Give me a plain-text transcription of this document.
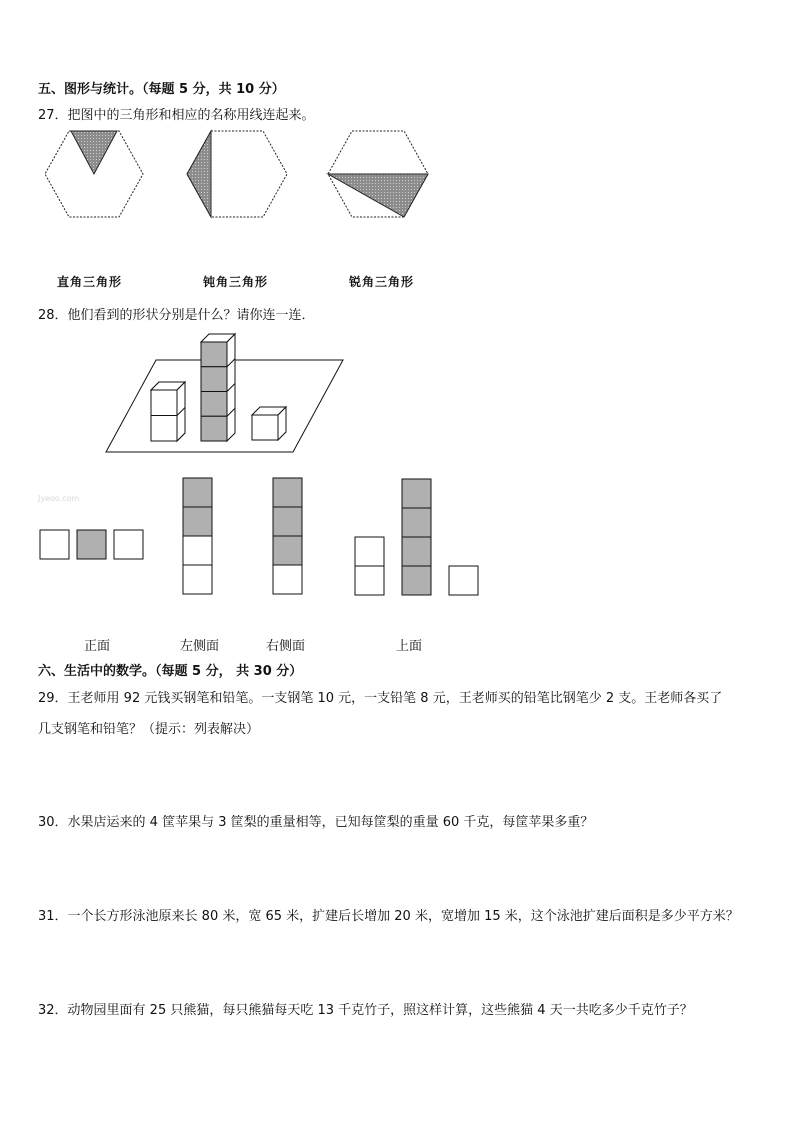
五、图形与统计。（每题 5 分，共 10 分）
27．把图中的三角形和相应的名称用线连起来。
直角三角形	钝角三角形	锐角三角形
28．他们看到的形状分别是什么？请你连一连．
Jyeoo.com
正面	左侧面	右侧面	上面
六、生活中的数学。（每题 5 分， 共 30 分）
29．王老师用 92 元钱买钢笔和铅笔。一支钢笔 10 元，一支铅笔 8 元，王老师买的铅笔比钢笔少 2 支。王老师各买了
几支钢笔和铅笔？（提示：列表解决）
30．水果店运来的 4 筐苹果与 3 筐梨的重量相等，已知每筐梨的重量 60 千克，每筐苹果多重？
31．一个长方形泳池原来长 80 米，宽 65 米，扩建后长增加 20 米，宽增加 15 米，这个泳池扩建后面积是多少平方米？
32．动物园里面有 25 只熊猫，每只熊猫每天吃 13 千克竹子，照这样计算，这些熊猫 4 天一共吃多少千克竹子？
